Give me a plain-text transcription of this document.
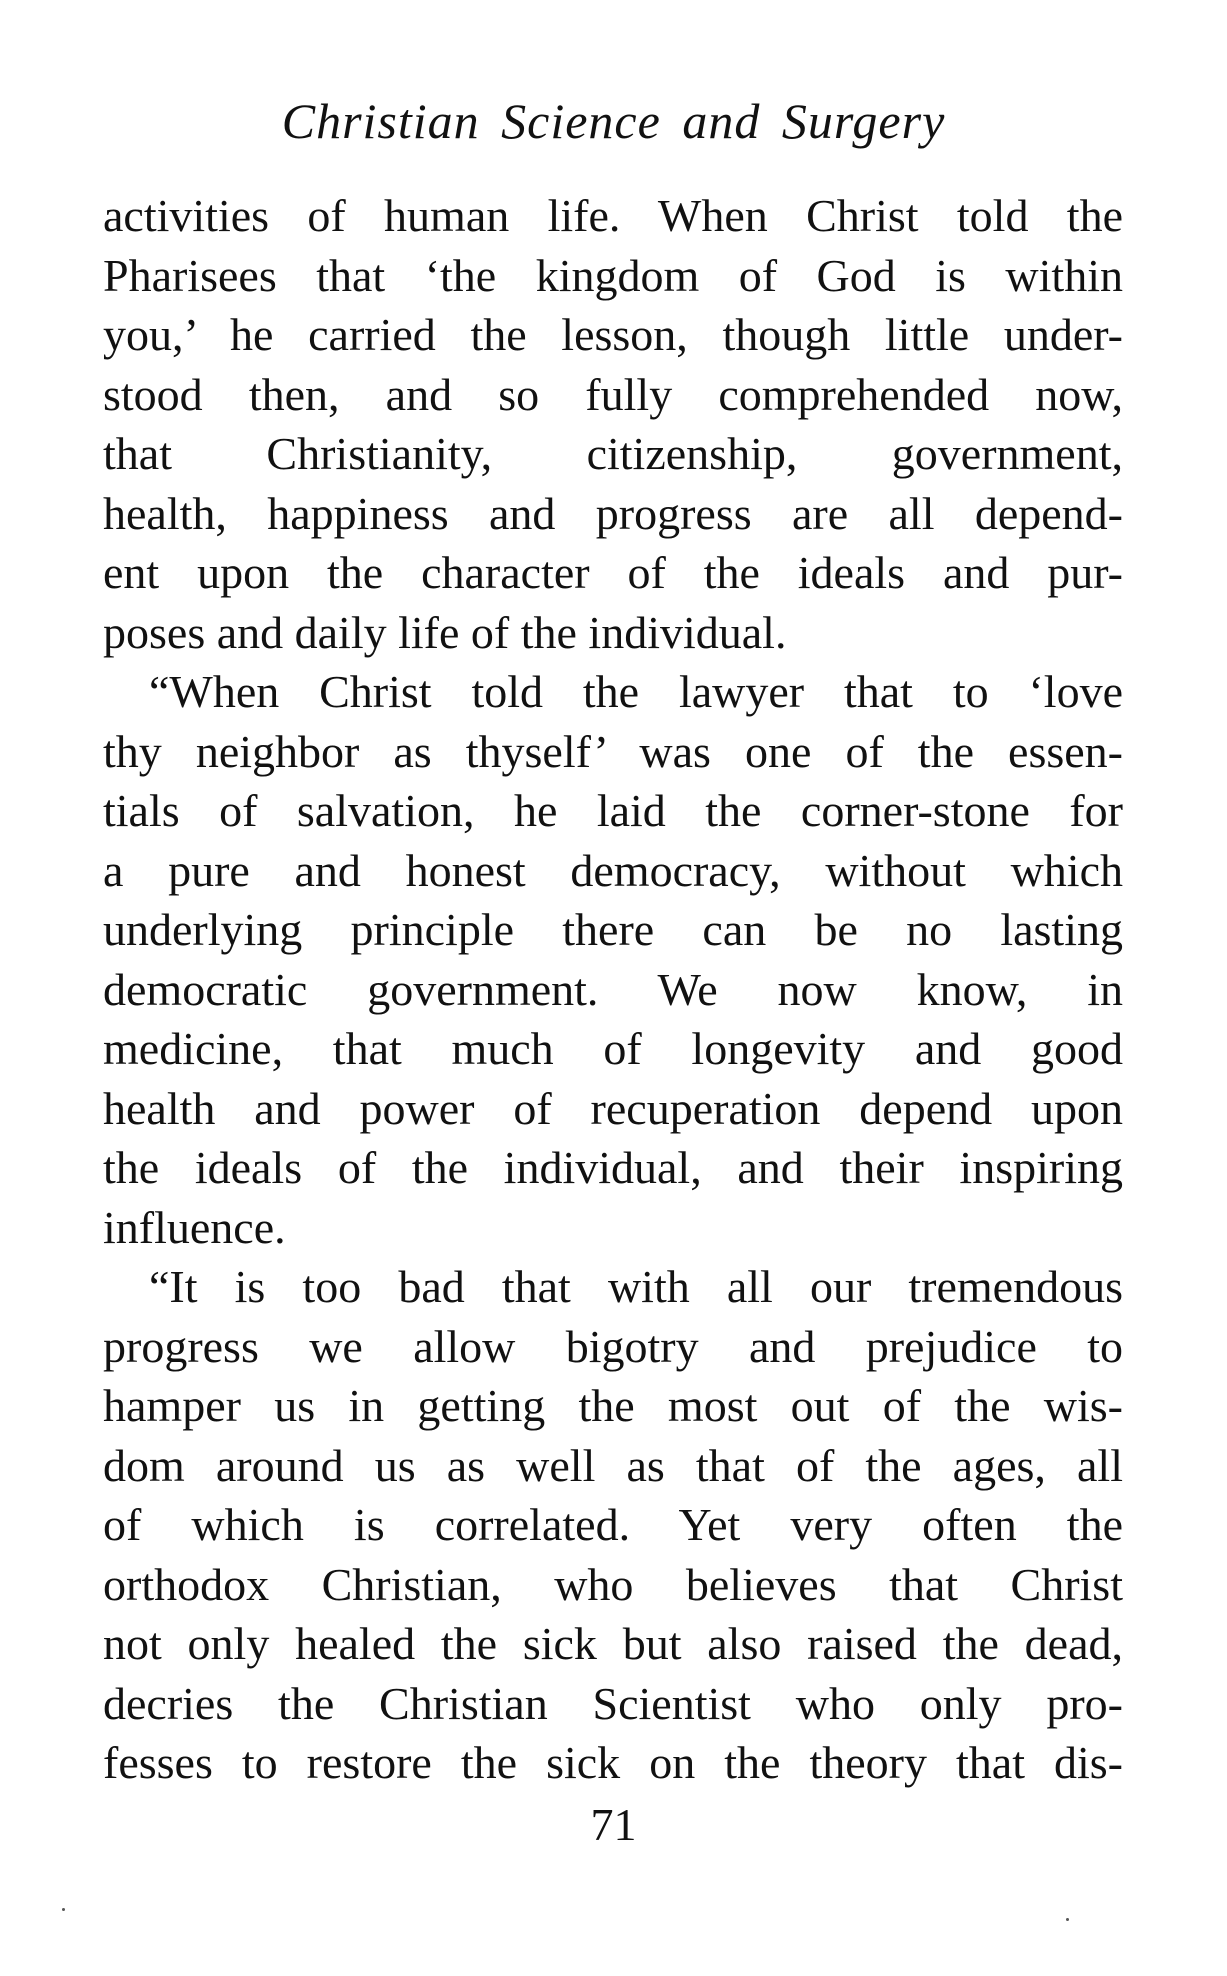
Christian Science and Surgery
activities of human life. When Christ told the
Pharisees that ‘the kingdom of God is within
you,’ he carried the lesson, though little under-
stood then, and so fully comprehended now,
that Christianity, citizenship, government,
health, happiness and progress are all depend-
ent upon the character of the ideals and pur-
poses and daily life of the individual.
“When Christ told the lawyer that to ‘love
thy neighbor as thyself’ was one of the essen-
tials of salvation, he laid the corner-stone for
a pure and honest democracy, without which
underlying principle there can be no lasting
democratic government. We now know, in
medicine, that much of longevity and good
health and power of recuperation depend upon
the ideals of the individual, and their inspiring
influence.
“It is too bad that with all our tremendous
progress we allow bigotry and prejudice to
hamper us in getting the most out of the wis-
dom around us as well as that of the ages, all
of which is correlated. Yet very often the
orthodox Christian, who believes that Christ
not only healed the sick but also raised the dead,
decries the Christian Scientist who only pro-
fesses to restore the sick on the theory that dis-
71
